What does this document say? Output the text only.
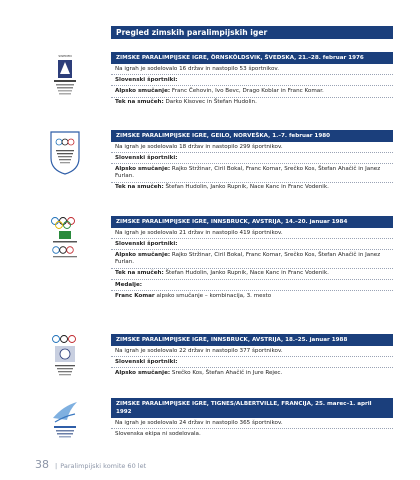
Pregled zimskih paralimpijskih iger
ZIMSKE PARALIMPIJSKE IGRE, ÖRNSKÖLDSVIK, ŠVEDSKA, 21.–28. februar 1976
Na igrah je sodelovalo 16 držav in nastopilo 53 športnikov.
Slovenski športniki:
Alpsko smučanje: Franc Čehovin, Ivo Bevc, Drago Koblar in Franc Komar.
Tek na smučeh: Darko Kisovec in Štefan Hudolin.
ZIMSKE PARALIMPIJSKE IGRE, GEILO, NORVEŠKA, 1.–7. februar 1980
Na igrah je sodelovalo 18 držav in nastopilo 299 športnikov.
Slovenski športniki:
Alpsko smučanje: Rajko Stržinar, Ciril Bokal, Franc Komar, Srečko Kos, Štefan Ahačič in Janez Furlan.
Tek na smučeh: Štefan Hudolin, Janko Rupnik, Nace Kanc in Franc Vodenik.
ZIMSKE PARALIMPIJSKE IGRE, INNSBRUCK, AVSTRIJA, 14.–20. januar 1984
Na igrah je sodelovalo 21 držav in nastopilo 419 športnikov.
Slovenski športniki:
Alpsko smučanje: Rajko Stržinar, Ciril Bokal, Franc Komar, Srečko Kos, Štefan Ahačič in Janez Furlan.
Tek na smučeh: Štefan Hudolin, Janko Rupnik, Nace Kanc in Franc Vodenik.
Medalje:
Franc Komar alpsko smučanje – kombinacija, 3. mesto
ZIMSKE PARALIMPIJSKE IGRE, INNSBRUCK, AVSTRIJA, 18.–25. januar 1988
Na igrah je sodelovalo 22 držav in nastopilo 377 športnikov.
Slovenski športniki:
Alpsko smučanje: Srečko Kos, Štefan Ahačič in Jure Rejec.
ZIMSKE PARALIMPIJSKE IGRE, TIGNES/ALBERTVILLE, FRANCIJA, 25. marec–1. april 1992
Na igrah je sodelovalo 24 držav in nastopilo 365 športnikov.
Slovenska ekipa ni sodelovala.
SWEDEN
38 | Paralimpijski komite 60 let
